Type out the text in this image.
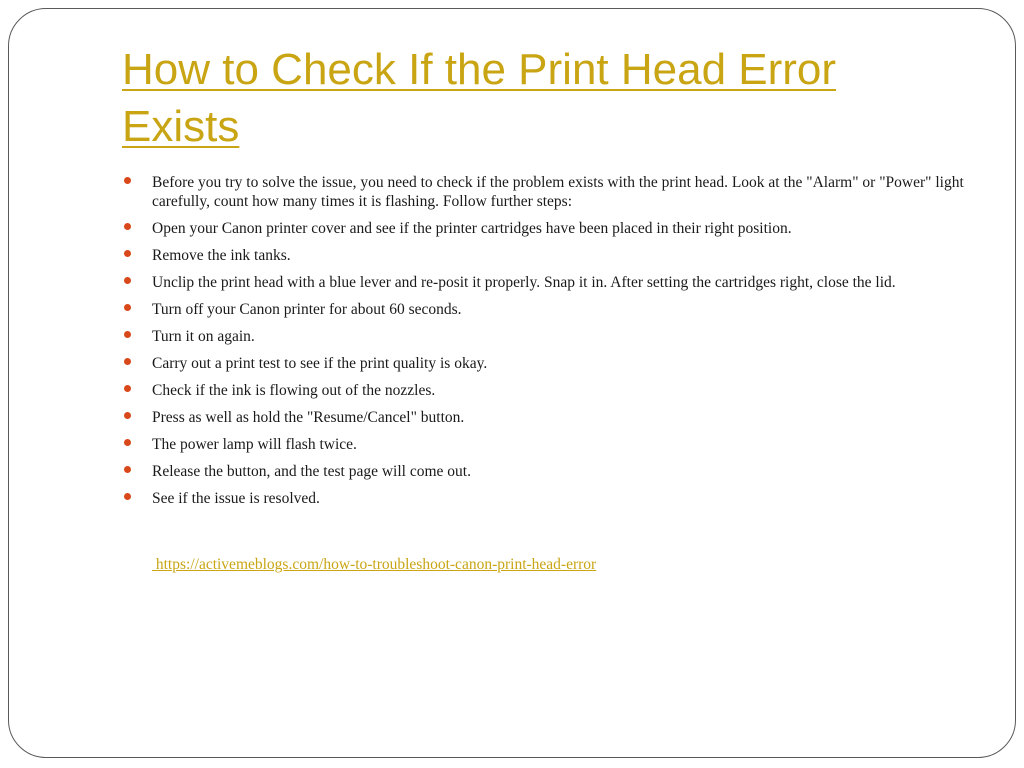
How to Check If the Print Head Error Exists
Before you try to solve the issue, you need to check if the problem exists with the print head. Look at the "Alarm" or "Power" light carefully, count how many times it is flashing. Follow further steps:
Open your Canon printer cover and see if the printer cartridges have been placed in their right position.
Remove the ink tanks.
Unclip the print head with a blue lever and re-posit it properly. Snap it in. After setting the cartridges right, close the lid.
Turn off your Canon printer for about 60 seconds.
Turn it on again.
Carry out a print test to see if the print quality is okay.
Check if the ink is flowing out of the nozzles.
Press as well as hold the "Resume/Cancel" button.
The power lamp will flash twice.
Release the button, and the test page will come out.
See if the issue is resolved.
https://activemeblogs.com/how-to-troubleshoot-canon-print-head-error
